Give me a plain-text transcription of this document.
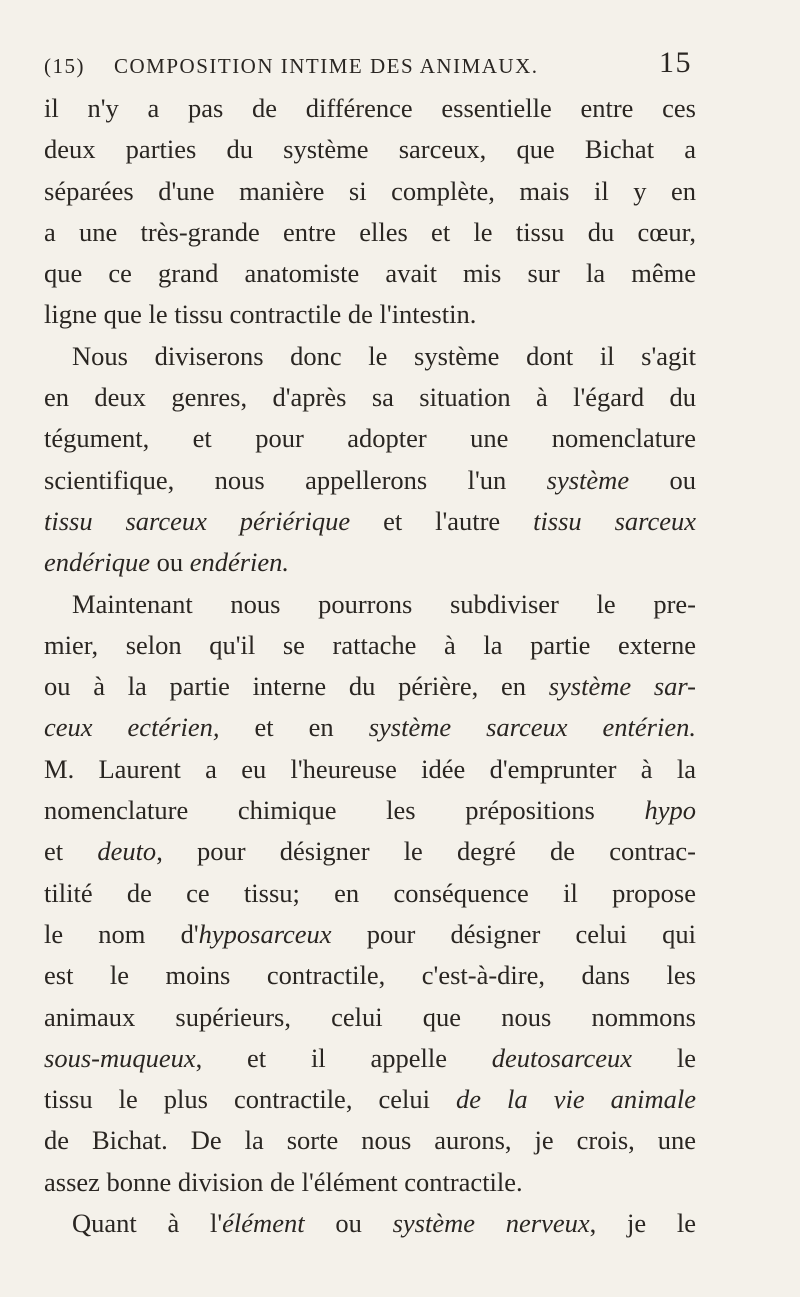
(15) COMPOSITION INTIME DES ANIMAUX.	15
il n'y a pas de différence essentielle entre ces
deux parties du système sarceux, que Bichat a
séparées d'une manière si complète, mais il y en
a une très-grande entre elles et le tissu du cœur,
que ce grand anatomiste avait mis sur la même
ligne que le tissu contractile de l'intestin.
Nous diviserons donc le système dont il s'agit
en deux genres, d'après sa situation à l'égard du
tégument, et pour adopter une nomenclature
scientifique, nous appellerons l'un système ou
tissu sarceux périérique et l'autre tissu sarceux
endérique ou endérien.
Maintenant nous pourrons subdiviser le pre-
mier, selon qu'il se rattache à la partie externe
ou à la partie interne du périère, en système sar-
ceux ectérien, et en système sarceux entérien.
M. Laurent a eu l'heureuse idée d'emprunter à la
nomenclature chimique les prépositions hypo
et deuto, pour désigner le degré de contrac-
tilité de ce tissu; en conséquence il propose
le nom d'hyposarceux pour désigner celui qui
est le moins contractile, c'est-à-dire, dans les
animaux supérieurs, celui que nous nommons
sous-muqueux, et il appelle deutosarceux le
tissu le plus contractile, celui de la vie animale
de Bichat. De la sorte nous aurons, je crois, une
assez bonne division de l'élément contractile.
Quant à l'élément ou système nerveux, je le
